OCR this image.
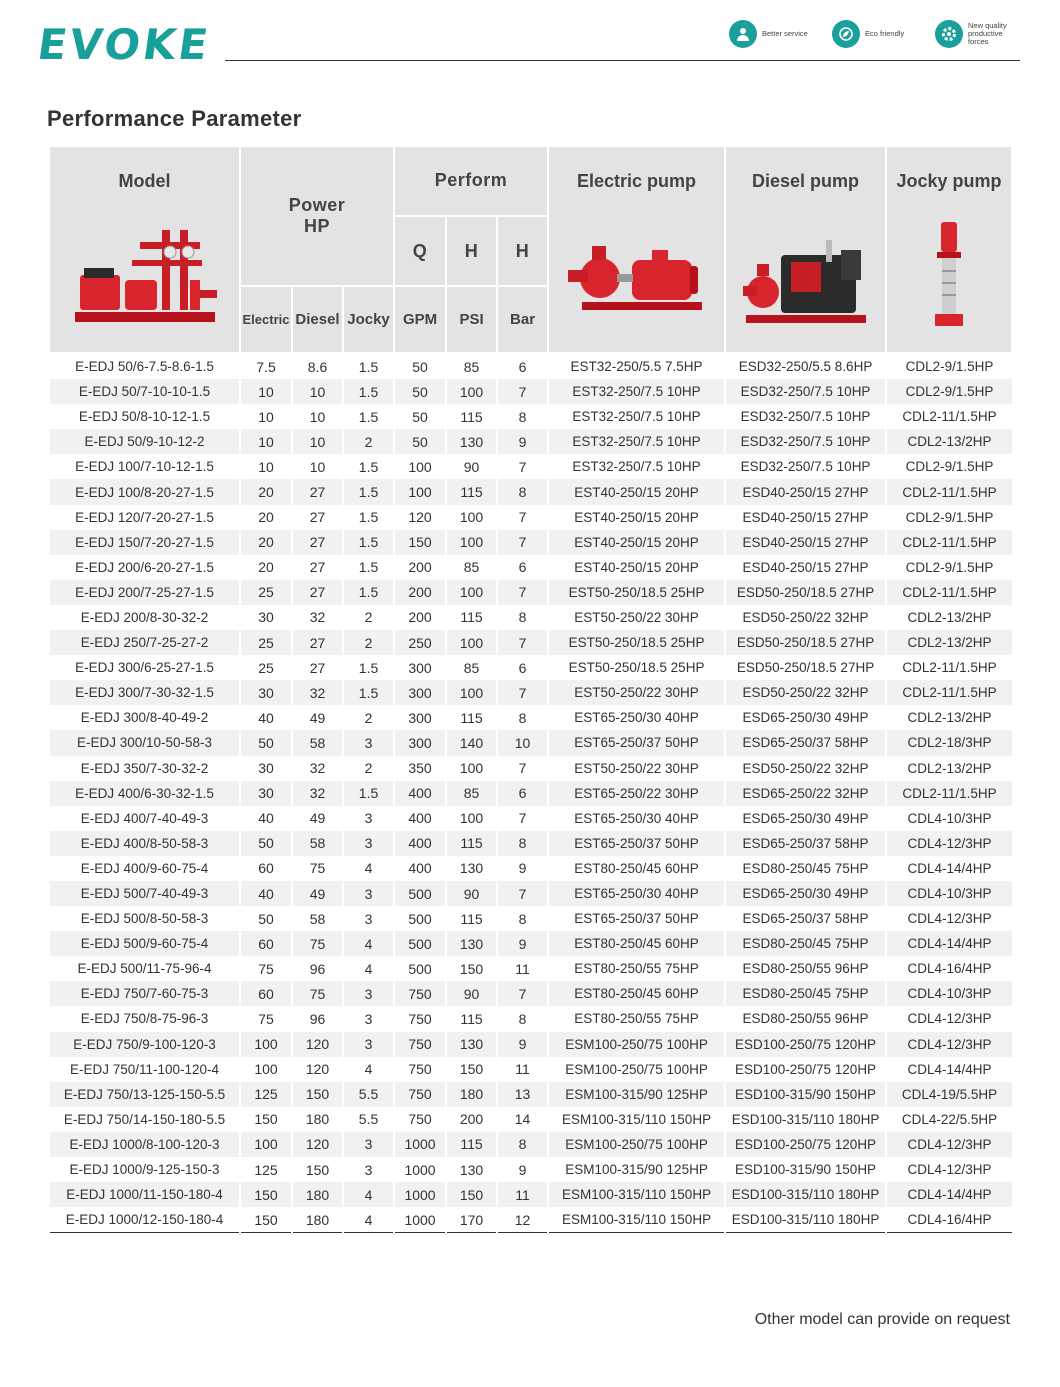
EVOKE	Better service	Eco friendly
New quality productive forces
Performance Parameter
Model	Power HP			Perform			Electric pump	Diesel pump	Jocky pump

				Q	H	H			
	Electric	Diesel	Jocky	GPM	PSI	Bar			
E-EDJ 50/6-7.5-8.6-1.5	7.5	8.6	1.5	50	85	6	EST32-250/5.5 7.5HP	ESD32-250/5.5 8.6HP	CDL2-9/1.5HP
E-EDJ 50/7-10-10-1.5	10	10	1.5	50	100	7	EST32-250/7.5 10HP	ESD32-250/7.5 10HP	CDL2-9/1.5HP
E-EDJ 50/8-10-12-1.5	10	10	1.5	50	115	8	EST32-250/7.5 10HP	ESD32-250/7.5 10HP	CDL2-11/1.5HP
E-EDJ 50/9-10-12-2	10	10	2	50	130	9	EST32-250/7.5 10HP	ESD32-250/7.5 10HP	CDL2-13/2HP
E-EDJ 100/7-10-12-1.5	10	10	1.5	100	90	7	EST32-250/7.5 10HP	ESD32-250/7.5 10HP	CDL2-9/1.5HP
E-EDJ 100/8-20-27-1.5	20	27	1.5	100	115	8	EST40-250/15 20HP	ESD40-250/15 27HP	CDL2-11/1.5HP
E-EDJ 120/7-20-27-1.5	20	27	1.5	120	100	7	EST40-250/15 20HP	ESD40-250/15 27HP	CDL2-9/1.5HP
E-EDJ 150/7-20-27-1.5	20	27	1.5	150	100	7	EST40-250/15 20HP	ESD40-250/15 27HP	CDL2-11/1.5HP
E-EDJ 200/6-20-27-1.5	20	27	1.5	200	85	6	EST40-250/15 20HP	ESD40-250/15 27HP	CDL2-9/1.5HP
E-EDJ 200/7-25-27-1.5	25	27	1.5	200	100	7	EST50-250/18.5 25HP	ESD50-250/18.5 27HP	CDL2-11/1.5HP
E-EDJ 200/8-30-32-2	30	32	2	200	115	8	EST50-250/22 30HP	ESD50-250/22 32HP	CDL2-13/2HP
E-EDJ 250/7-25-27-2	25	27	2	250	100	7	EST50-250/18.5 25HP	ESD50-250/18.5 27HP	CDL2-13/2HP
E-EDJ 300/6-25-27-1.5	25	27	1.5	300	85	6	EST50-250/18.5 25HP	ESD50-250/18.5 27HP	CDL2-11/1.5HP
E-EDJ 300/7-30-32-1.5	30	32	1.5	300	100	7	EST50-250/22 30HP	ESD50-250/22 32HP	CDL2-11/1.5HP
E-EDJ 300/8-40-49-2	40	49	2	300	115	8	EST65-250/30 40HP	ESD65-250/30 49HP	CDL2-13/2HP
E-EDJ 300/10-50-58-3	50	58	3	300	140	10	EST65-250/37 50HP	ESD65-250/37 58HP	CDL2-18/3HP
E-EDJ 350/7-30-32-2	30	32	2	350	100	7	EST50-250/22 30HP	ESD50-250/22 32HP	CDL2-13/2HP
E-EDJ 400/6-30-32-1.5	30	32	1.5	400	85	6	EST65-250/22 30HP	ESD65-250/22 32HP	CDL2-11/1.5HP
E-EDJ 400/7-40-49-3	40	49	3	400	100	7	EST65-250/30 40HP	ESD65-250/30 49HP	CDL4-10/3HP
E-EDJ 400/8-50-58-3	50	58	3	400	115	8	EST65-250/37 50HP	ESD65-250/37 58HP	CDL4-12/3HP
E-EDJ 400/9-60-75-4	60	75	4	400	130	9	EST80-250/45 60HP	ESD80-250/45 75HP	CDL4-14/4HP
E-EDJ 500/7-40-49-3	40	49	3	500	90	7	EST65-250/30 40HP	ESD65-250/30 49HP	CDL4-10/3HP
E-EDJ 500/8-50-58-3	50	58	3	500	115	8	EST65-250/37 50HP	ESD65-250/37 58HP	CDL4-12/3HP
E-EDJ 500/9-60-75-4	60	75	4	500	130	9	EST80-250/45 60HP	ESD80-250/45 75HP	CDL4-14/4HP
E-EDJ 500/11-75-96-4	75	96	4	500	150	11	EST80-250/55 75HP	ESD80-250/55 96HP	CDL4-16/4HP
E-EDJ 750/7-60-75-3	60	75	3	750	90	7	EST80-250/45 60HP	ESD80-250/45 75HP	CDL4-10/3HP
E-EDJ 750/8-75-96-3	75	96	3	750	115	8	EST80-250/55 75HP	ESD80-250/55 96HP	CDL4-12/3HP
E-EDJ 750/9-100-120-3	100	120	3	750	130	9	ESM100-250/75 100HP	ESD100-250/75 120HP	CDL4-12/3HP
E-EDJ 750/11-100-120-4	100	120	4	750	150	11	ESM100-250/75 100HP	ESD100-250/75 120HP	CDL4-14/4HP
E-EDJ 750/13-125-150-5.5	125	150	5.5	750	180	13	ESM100-315/90 125HP	ESD100-315/90 150HP	CDL4-19/5.5HP
E-EDJ 750/14-150-180-5.5	150	180	5.5	750	200	14	ESM100-315/110 150HP	ESD100-315/110 180HP	CDL4-22/5.5HP
E-EDJ 1000/8-100-120-3	100	120	3	1000	115	8	ESM100-250/75 100HP	ESD100-250/75 120HP	CDL4-12/3HP
E-EDJ 1000/9-125-150-3	125	150	3	1000	130	9	ESM100-315/90 125HP	ESD100-315/90 150HP	CDL4-12/3HP
E-EDJ 1000/11-150-180-4	150	180	4	1000	150	11	ESM100-315/110 150HP	ESD100-315/110 180HP	CDL4-14/4HP
E-EDJ 1000/12-150-180-4	150	180	4	1000	170	12	ESM100-315/110 150HP	ESD100-315/110 180HP	CDL4-16/4HP
Other model can provide on request
